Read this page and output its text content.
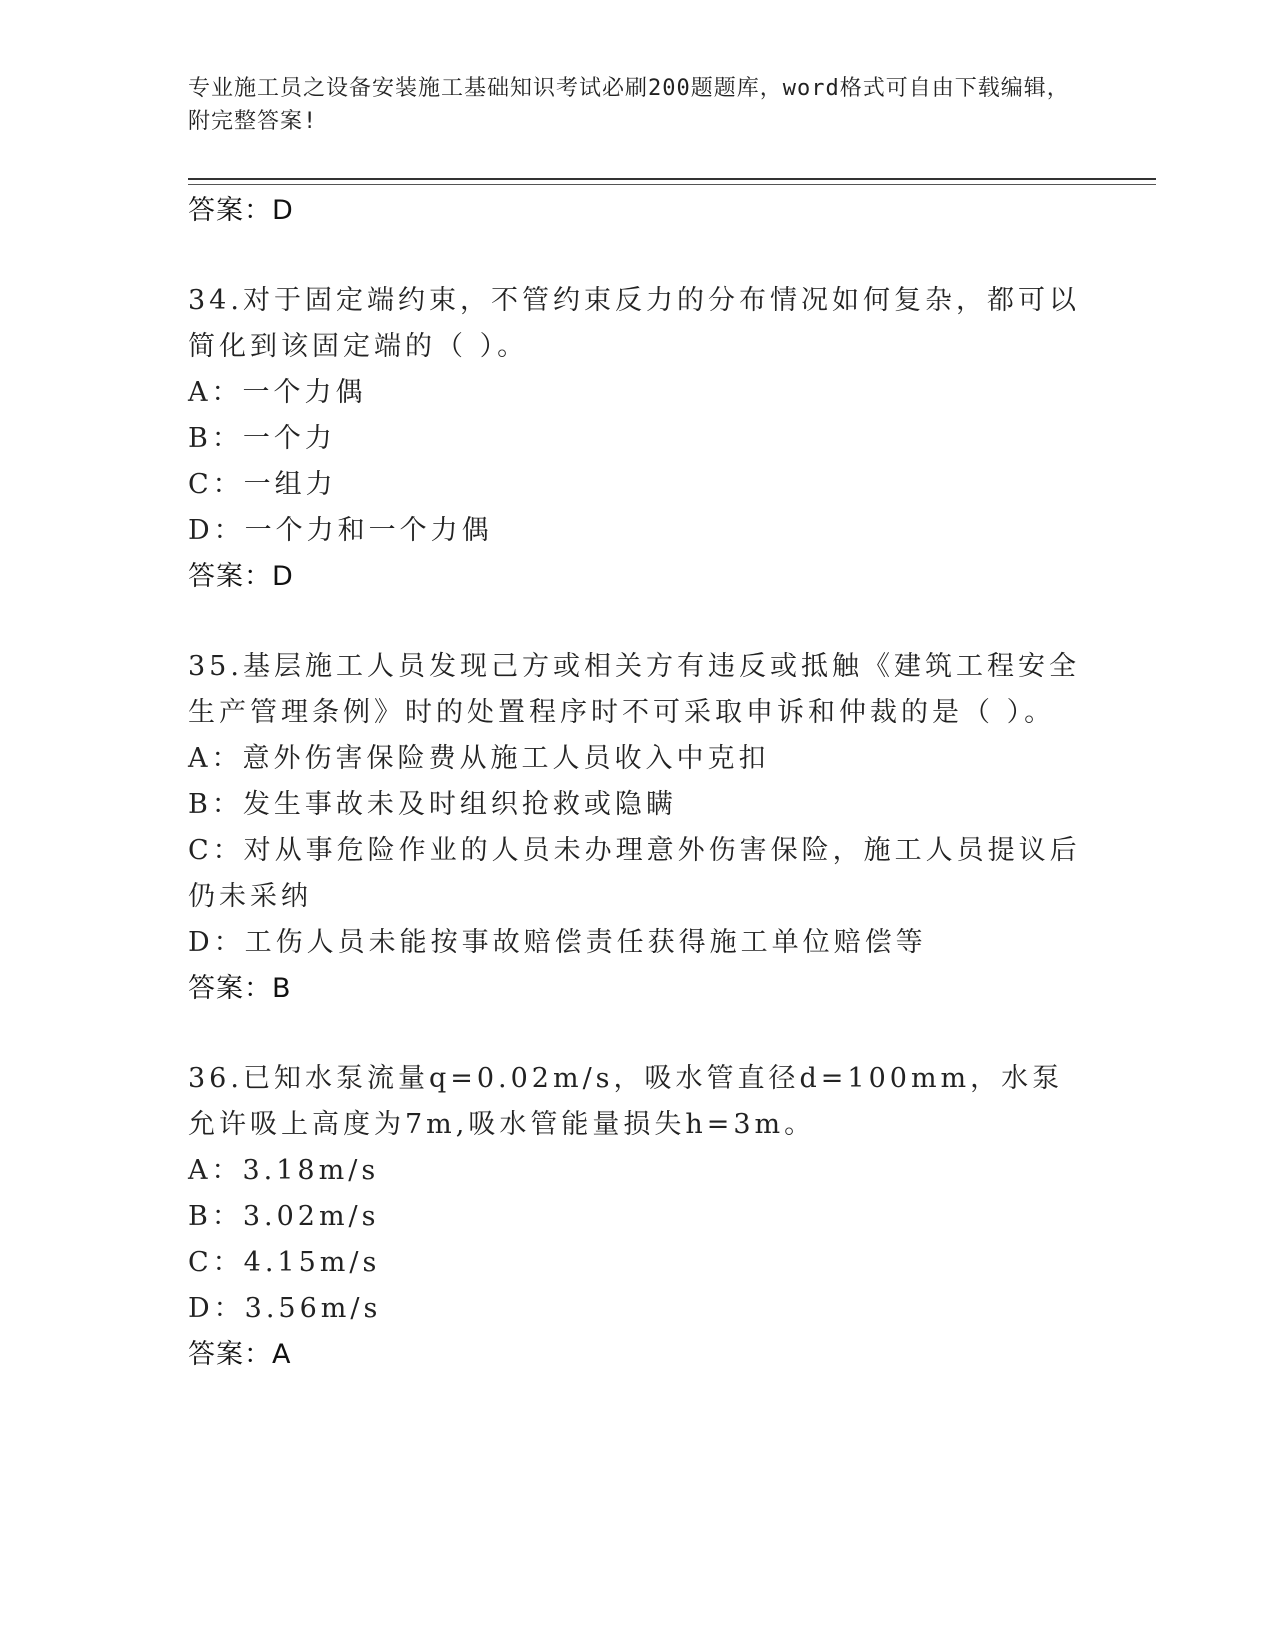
专业施工员之设备安装施工基础知识考试必刷200题题库，word格式可自由下载编辑，附完整答案!

答案：D

34.对于固定端约束，不管约束反力的分布情况如何复杂，都可以简化到该固定端的（ ）。

A：一个力偶

B：一个力

C：一组力

D：一个力和一个力偶

答案：D

35.基层施工人员发现己方或相关方有违反或抵触《建筑工程安全生产管理条例》时的处置程序时不可采取申诉和仲裁的是（ ）。

A：意外伤害保险费从施工人员收入中克扣

B：发生事故未及时组织抢救或隐瞒

C：对从事危险作业的人员未办理意外伤害保险，施工人员提议后仍未采纳

D：工伤人员未能按事故赔偿责任获得施工单位赔偿等

答案：B

36.已知水泵流量q=0.02m/s，吸水管直径d=100mm，水泵允许吸上高度为7m,吸水管能量损失h=3m。

A：3.18m/s

B：3.02m/s

C：4.15m/s

D：3.56m/s

答案：A
